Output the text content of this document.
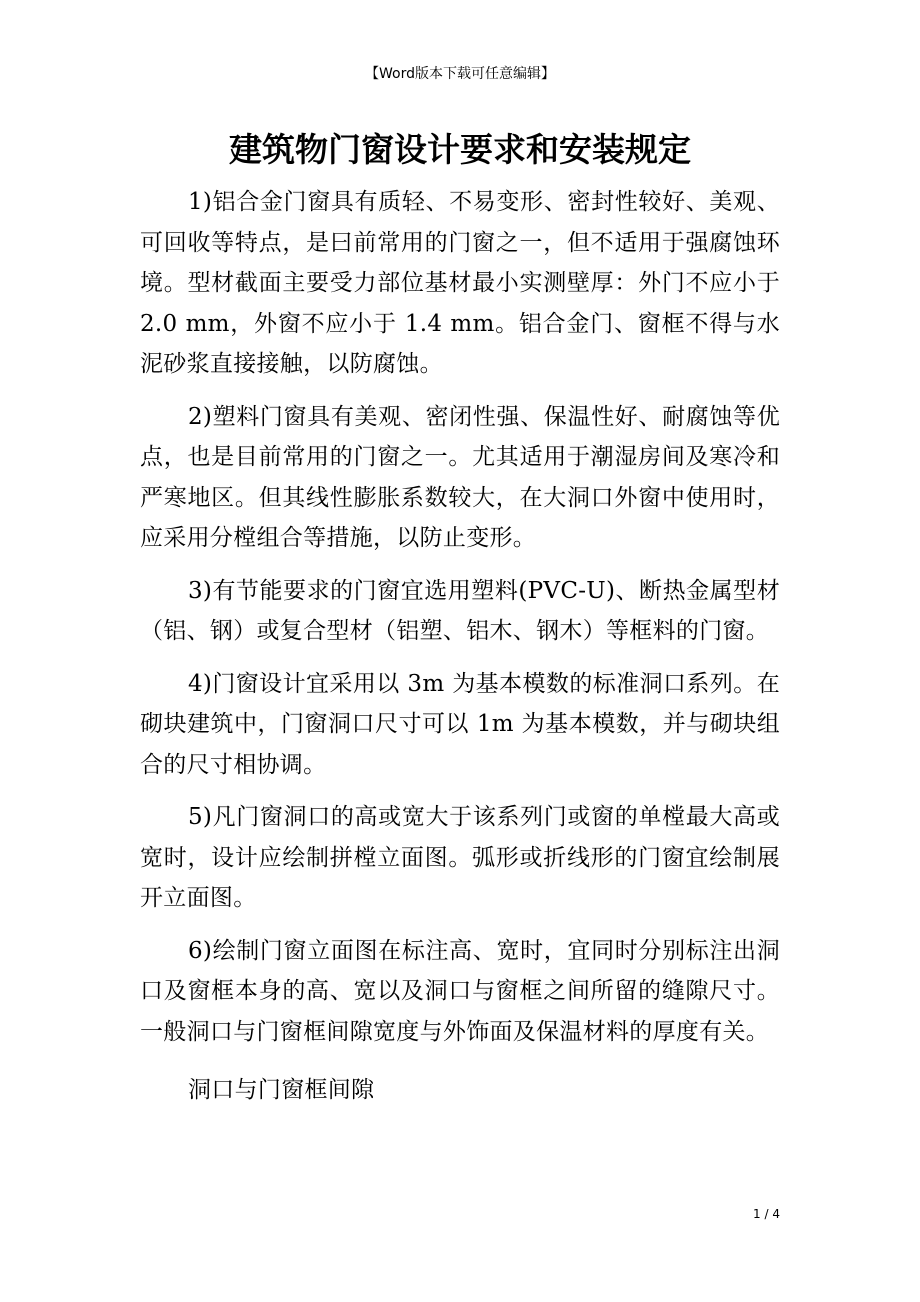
【Word版本下载可任意编辑】
建筑物门窗设计要求和安装规定

1)铝合金门窗具有质轻、不易变形、密封性较好、美观、可回收等特点，是曰前常用的门窗之一，但不适用于强腐蚀环境。型材截面主要受力部位基材最小实测壁厚：外门不应小于 2.0 mm，外窗不应小于 1.4 mm。铝合金门、窗框不得与水泥砂浆直接接触，以防腐蚀。

2)塑料门窗具有美观、密闭性强、保温性好、耐腐蚀等优点，也是目前常用的门窗之一。尤其适用于潮湿房间及寒冷和严寒地区。但其线性膨胀系数较大，在大洞口外窗中使用时，应采用分樘组合等措施，以防止变形。

3)有节能要求的门窗宜选用塑料(PVC-U)、断热金属型材（铝、钢）或复合型材（铝塑、铝木、钢木）等框料的门窗。

4)门窗设计宜采用以 3m 为基本模数的标准洞口系列。在砌块建筑中，门窗洞口尺寸可以 1m 为基本模数，并与砌块组合的尺寸相协调。

5)凡门窗洞口的高或宽大于该系列门或窗的单樘最大高或宽时，设计应绘制拼樘立面图。弧形或折线形的门窗宜绘制展开立面图。

6)绘制门窗立面图在标注高、宽时，宜同时分别标注出洞口及窗框本身的高、宽以及洞口与窗框之间所留的缝隙尺寸。一般洞口与门窗框间隙宽度与外饰面及保温材料的厚度有关。

洞口与门窗框间隙

1 / 4
